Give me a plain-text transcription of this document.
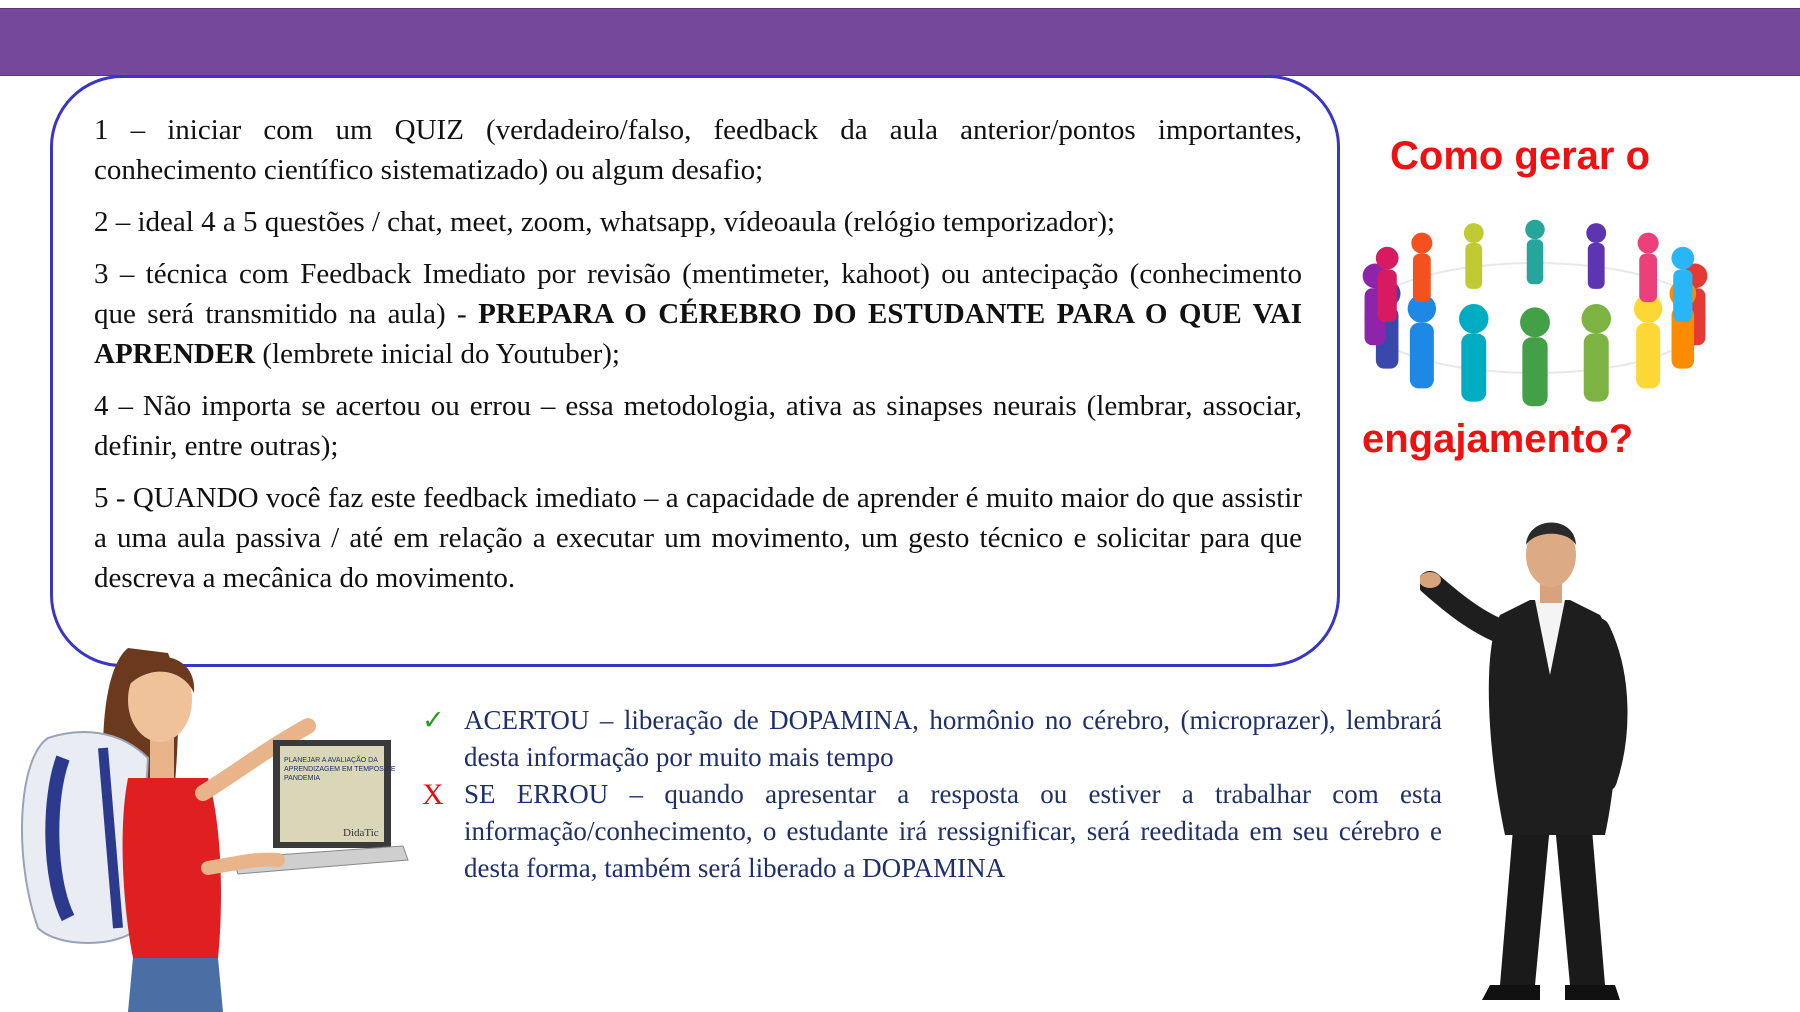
1 – iniciar com um QUIZ (verdadeiro/falso, feedback da aula anterior/pontos importantes, conhecimento científico sistematizado) ou algum desafio;

2 – ideal 4 a 5 questões / chat, meet, zoom, whatsapp, vídeoaula (relógio temporizador);

3 – técnica com Feedback Imediato por revisão (mentimeter, kahoot) ou antecipação (conhecimento que será transmitido na aula) - PREPARA O CÉREBRO DO ESTUDANTE PARA O QUE VAI APRENDER (lembrete inicial do Youtuber);

4 – Não importa se acertou ou errou – essa metodologia, ativa as sinapses neurais (lembrar, associar, definir, entre outras);

5 - QUANDO você faz este feedback imediato – a capacidade de aprender é muito maior do que assistir a uma aula passiva / até em relação a executar um movimento, um gesto técnico e solicitar para que descreva a mecânica do movimento.

Como gerar o
engajamento?
PLANEJAR A AVALIAÇÃO DA
APRENDIZAGEM EM TEMPOS DE
PANDEMIA
DidaTic
✓ ACERTOU – liberação de DOPAMINA, hormônio no cérebro, (microprazer), lembrará desta informação por muito mais tempo
X SE ERROU – quando apresentar a resposta ou estiver a trabalhar com esta informação/conhecimento, o estudante irá ressignificar, será reeditada em seu cérebro e desta forma, também será liberado a DOPAMINA
